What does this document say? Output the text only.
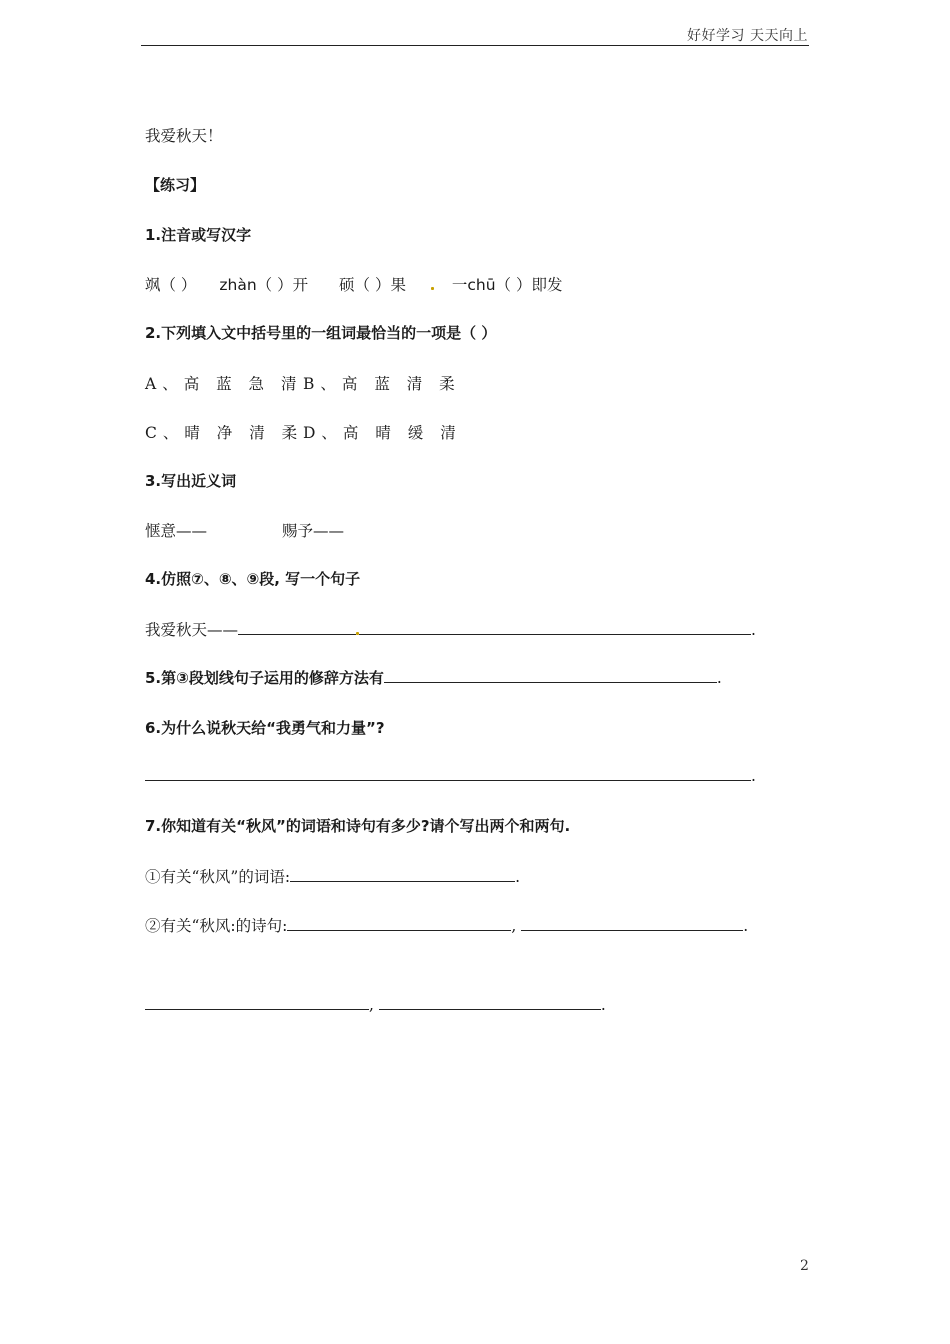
好好学习 天天向上
我爱秋天！
【练习】
1.注音或写汉字
飒（ ） zhàn（ ）开 硕（ ）果	一chū（ ）即发
2.下列填入文中括号里的一组词最恰当的一项是（ ）
A、高 蓝 急 清 B、高 蓝 清 柔
C、晴 净 清 柔 D、高 晴 缓 清
3.写出近义词
惬意——	赐予——
4.仿照⑦、⑧、⑨段, 写一个句子
我爱秋天——	.
5.第③段划线句子运用的修辞方法有	.
6.为什么说秋天给“我勇气和力量”?
.
7.你知道有关“秋风”的词语和诗句有多少?请个写出两个和两句.
①有关“秋风”的词语:	.
②有关“秋风:的诗句:	,	.
,	.
2
